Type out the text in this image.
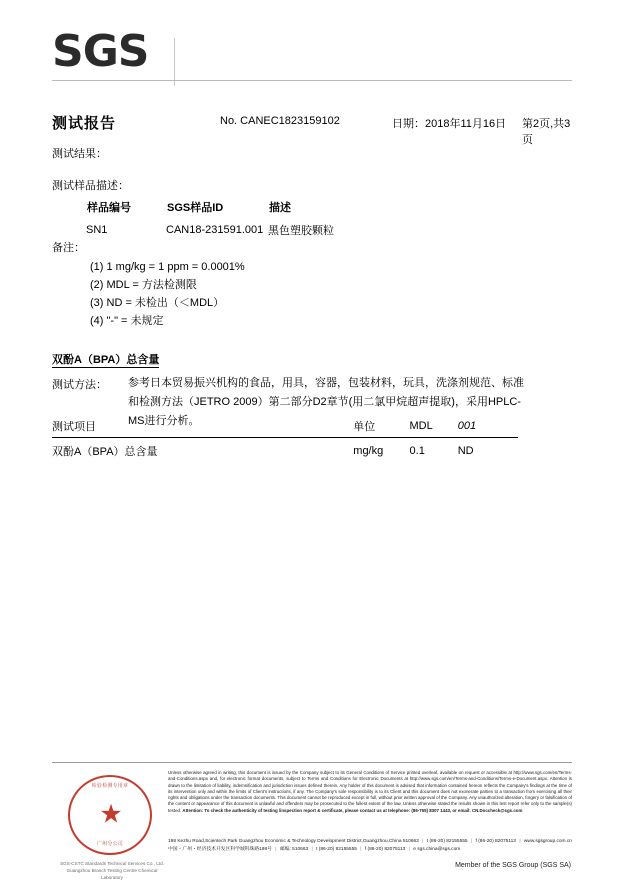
SGS
测试报告	No. CANEC1823159102	日期：2018年11月16日 第2页,共3页
测试结果：
测试样品描述：
样品编号	SGS样品ID	描述
SN1	CAN18-231591.001	黑色塑胶颗粒
备注：
(1) 1 mg/kg = 1 ppm = 0.0001%
(2) MDL = 方法检测限
(3) ND = 未检出（＜MDL）
(4) "-" = 未规定
双酚A（BPA）总含量
测试方法： 参考日本贸易振兴机构的食品，用具，容器，包装材料，玩具，洗涤剂规范、标准和检测方法（JETRO 2009）第二部分D2章节(用二氯甲烷超声提取)，采用HPLC-MS进行分析。
测试项目	单位	MDL	001
双酚A（BPA）总含量	mg/kg	0.1	ND
检验检测专用章
★
广州分公司
SGS-CSTC Standards Technical Services Co., Ltd.
Guangzhou Branch Testing Centre Chemical Laboratory
Unless otherwise agreed in writing, this document is issued by the Company subject to its General Conditions of Service printed overleaf, available on request or accessible at http://www.sgs.com/en/Terms-and-Conditions.aspx and, for electronic format documents, subject to Terms and Conditions for Electronic Documents at http://www.sgs.com/en/Terms-and-Conditions/Terms-e-Document.aspx. Attention is drawn to the limitation of liability, indemnification and jurisdiction issues defined therein. Any holder of this document is advised that information contained hereon reflects the Company's findings at the time of its intervention only and within the limits of Client's instructions, if any. The Company's sole responsibility is to its Client and this document does not exonerate parties to a transaction from exercising all their rights and obligations under the transaction documents. This document cannot be reproduced except in full, without prior written approval of the Company. Any unauthorized alteration, forgery or falsification of the content or appearance of this document is unlawful and offenders may be prosecuted to the fullest extent of the law. Unless otherwise stated the results shown in this test report refer only to the sample(s) tested. Attention: To check the authenticity of testing /inspection report & certificate, please contact us at telephone: (86-755) 8307 1443, or email: CN.Doccheck@sgs.com
198 Kezhu Road,Scientech Park Guangzhou Economic & Technology Development District,Guangzhou,China 510663 | t (86-20) 82155555 | f (86-20) 82075113 | www.sgsgroup.com.cn
中国・广州・经济技术开发区科学城科珠路198号 | 邮编: 510663 | t (86-20) 82155555 | f (86-20) 82075113 | e sgs.china@sgs.com
Member of the SGS Group (SGS SA)
